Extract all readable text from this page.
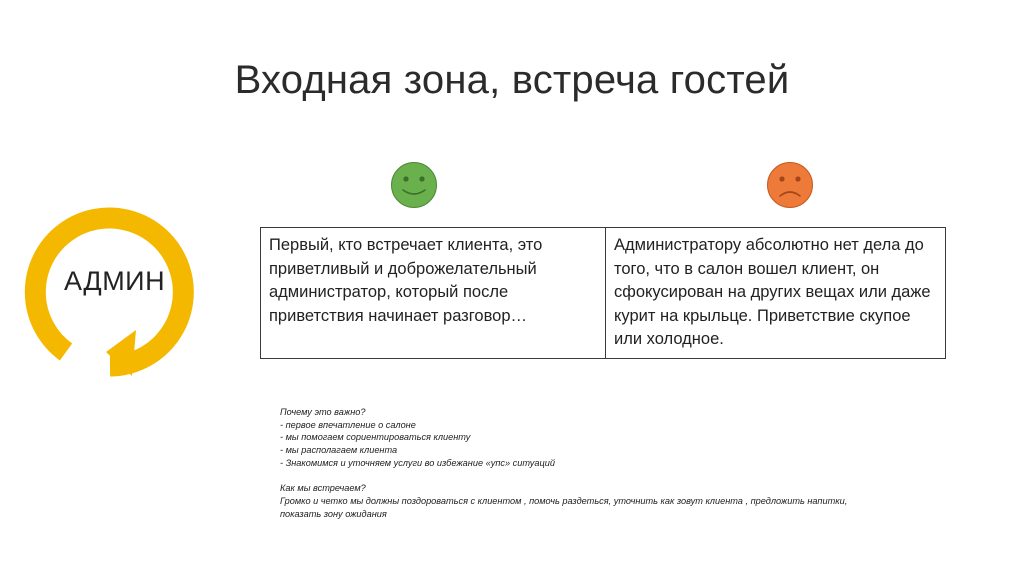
Входная зона, встреча гостей
АДМИН
Первый, кто встречает клиента, это приветливый и доброжелательный администратор, который после приветствия начинает разговор…	Администратору абсолютно нет дела до того, что в салон вошел клиент, он сфокусирован на других вещах или даже курит на крыльце. Приветствие скупое или холодное.
Почему это важно?
- первое впечатление о салоне
- мы помогаем сориентироваться клиенту
- мы располагаем клиента
- Знакомимся и уточняем услуги во избежание «упс» ситуаций
Как мы встречаем?
Громко и четко мы должны поздороваться с клиентом , помочь раздеться, уточнить как зовут клиента , предложить напитки,
показать зону ожидания
